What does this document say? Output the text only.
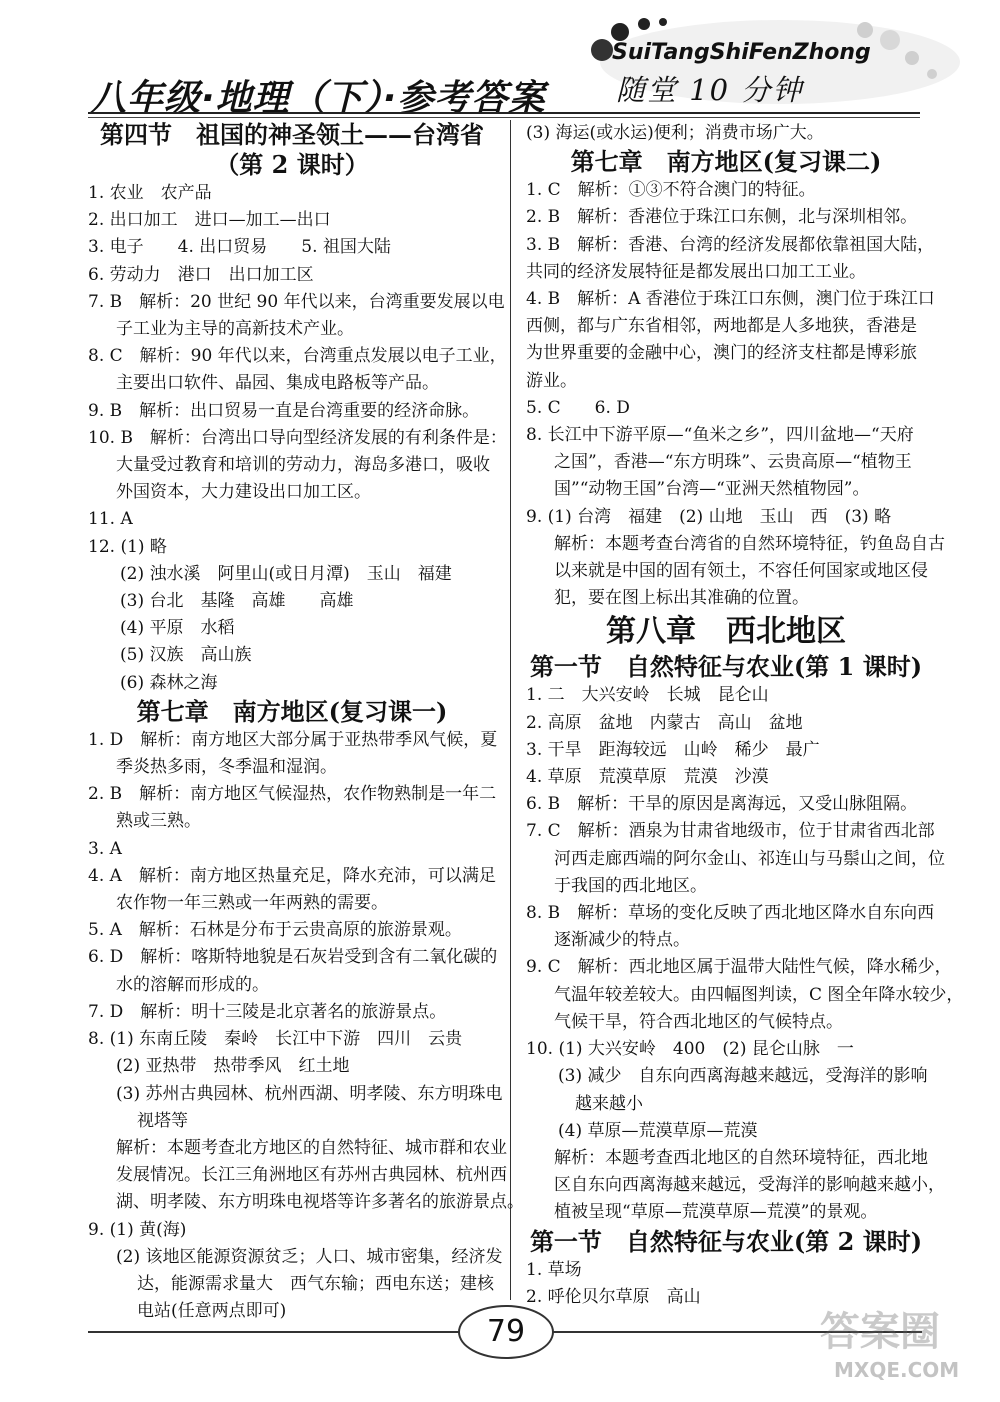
八年级·地理（下）·参考答案
SuiTangShiFenZhong
随堂 10 分钟
第四节　祖国的神圣领土——台湾省
（第 2 课时）
1. 农业　农产品
2. 出口加工　进口—加工—出口
3. 电子　　4. 出口贸易　　5. 祖国大陆
6. 劳动力　港口　出口加工区
7. B　解析：20 世纪 90 年代以来，台湾重要发展以电
子工业为主导的高新技术产业。
8. C　解析：90 年代以来，台湾重点发展以电子工业，
主要出口软件、晶园、集成电路板等产品。
9. B　解析：出口贸易一直是台湾重要的经济命脉。
10. B　解析：台湾出口导向型经济发展的有利条件是：
大量受过教育和培训的劳动力，海岛多港口，吸收
外国资本，大力建设出口加工区。
11. A
12. (1) 略
(2) 浊水溪　阿里山(或日月潭)　玉山　福建
(3) 台北　基隆　高雄　　高雄
(4) 平原　水稻
(5) 汉族　高山族
(6) 森林之海
第七章　南方地区(复习课一)
1. D　解析：南方地区大部分属于亚热带季风气候，夏
季炎热多雨，冬季温和湿润。
2. B　解析：南方地区气候湿热，农作物熟制是一年二
熟或三熟。
3. A
4. A　解析：南方地区热量充足，降水充沛，可以满足
农作物一年三熟或一年两熟的需要。
5. A　解析：石林是分布于云贵高原的旅游景观。
6. D　解析：喀斯特地貌是石灰岩受到含有二氧化碳的
水的溶解而形成的。
7. D　解析：明十三陵是北京著名的旅游景点。
8. (1) 东南丘陵　秦岭　长江中下游　四川　云贵
(2) 亚热带　热带季风　红土地
(3) 苏州古典园林、杭州西湖、明孝陵、东方明珠电
　视塔等
解析：本题考查北方地区的自然特征、城市群和农业
发展情况。长江三角洲地区有苏州古典园林、杭州西
湖、明孝陵、东方明珠电视塔等许多著名的旅游景点。
9. (1) 黄(海)
(2) 该地区能源资源贫乏；人口、城市密集，经济发
　达，能源需求量大　西气东输；西电东送；建核
　电站(任意两点即可)
(3) 海运(或水运)便利；消费市场广大。
第七章　南方地区(复习课二)
1. C　解析：①③不符合澳门的特征。
2. B　解析：香港位于珠江口东侧，北与深圳相邻。
3. B　解析：香港、台湾的经济发展都依靠祖国大陆，
共同的经济发展特征是都发展出口加工工业。
4. B　解析：A 香港位于珠江口东侧，澳门位于珠江口
西侧，都与广东省相邻，两地都是人多地狭，香港是
为世界重要的金融中心，澳门的经济支柱都是博彩旅
游业。
5. C　　6. D
8. 长江中下游平原—“鱼米之乡”，四川盆地—“天府
之国”，香港—“东方明珠”、云贵高原—“植物王
国”“动物王国”台湾—“亚洲天然植物园”。
9. (1) 台湾　福建　(2) 山地　玉山　西　(3) 略
解析：本题考查台湾省的自然环境特征，钓鱼岛自古
以来就是中国的固有领土，不容任何国家或地区侵
犯，要在图上标出其准确的位置。
第八章　西北地区
第一节　自然特征与农业(第 1 课时)
1. 二　大兴安岭　长城　昆仑山
2. 高原　盆地　内蒙古　高山　盆地
3. 干旱　距海较远　山岭　稀少　最广
4. 草原　荒漠草原　荒漠　沙漠
6. B　解析：干旱的原因是离海远，又受山脉阻隔。
7. C　解析：酒泉为甘肃省地级市，位于甘肃省西北部
河西走廊西端的阿尔金山、祁连山与马鬃山之间，位
于我国的西北地区。
8. B　解析：草场的变化反映了西北地区降水自东向西
逐渐减少的特点。
9. C　解析：西北地区属于温带大陆性气候，降水稀少，
气温年较差较大。由四幅图判读，C 图全年降水较少，
气候干旱，符合西北地区的气候特点。
10. (1) 大兴安岭　400　(2) 昆仑山脉　一
(3) 减少　自东向西离海越来越远，受海洋的影响
　越来越小
(4) 草原—荒漠草原—荒漠
解析：本题考查西北地区的自然环境特征，西北地
区自东向西离海越来越远，受海洋的影响越来越小，
植被呈现“草原—荒漠草原—荒漠”的景观。
第一节　自然特征与农业(第 2 课时)
1. 草场
2. 呼伦贝尔草原　高山
79	答案圈
MXQE.COM
